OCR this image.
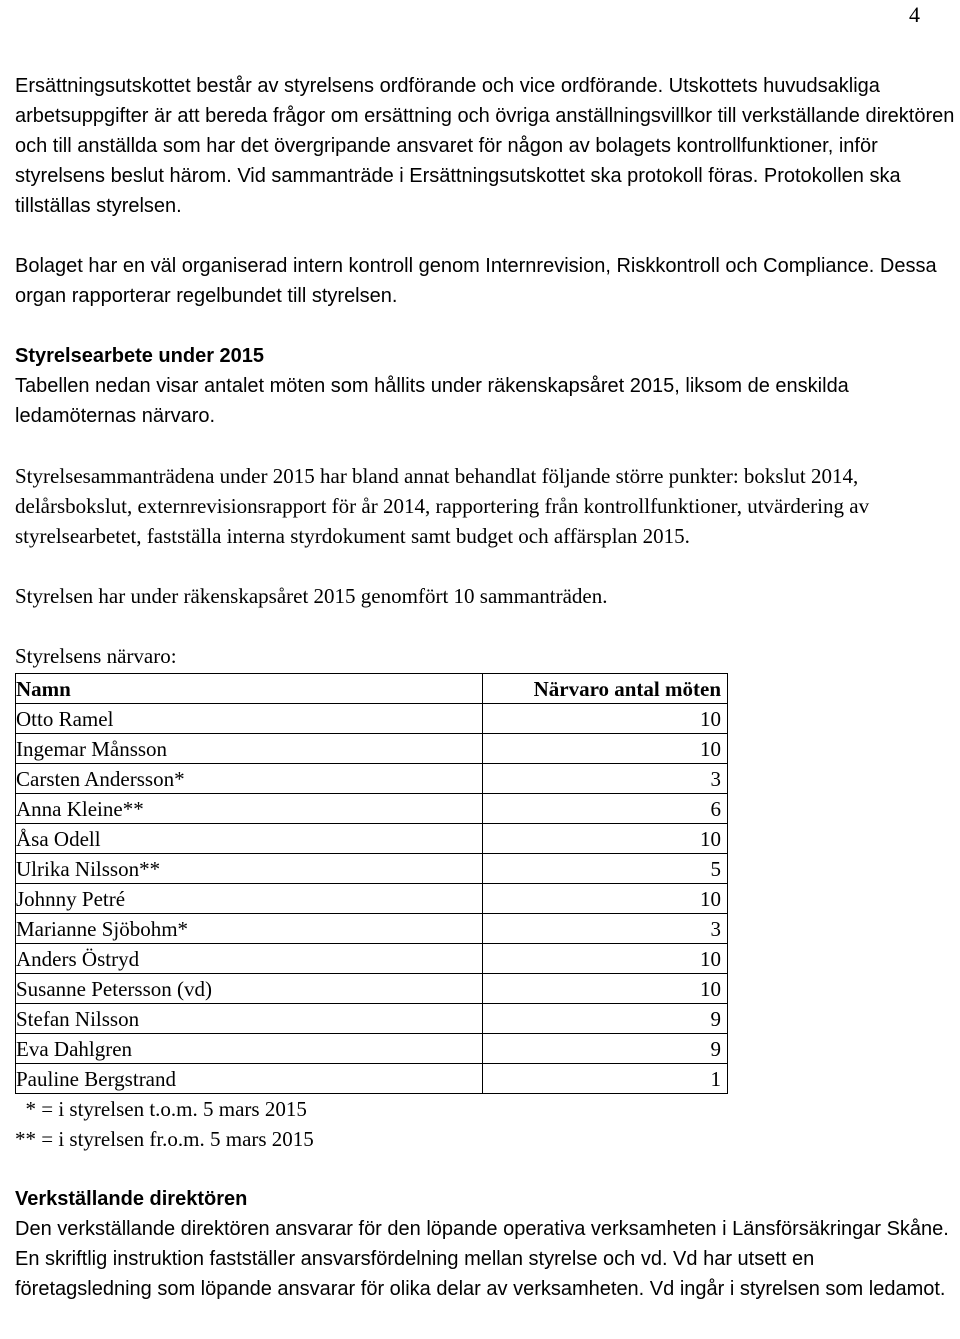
4

Ersättningsutskottet består av styrelsens ordförande och vice ordförande. Utskottets huvudsakliga arbetsuppgifter är att bereda frågor om ersättning och övriga anställningsvillkor till verkställande direktören och till anställda som har det övergripande ansvaret för någon av bolagets kontrollfunktioner, inför styrelsens beslut härom. Vid sammanträde i Ersättningsutskottet ska protokoll föras. Protokollen ska tillställas styrelsen.

Bolaget har en väl organiserad intern kontroll genom Internrevision, Riskkontroll och Compliance. Dessa organ rapporterar regelbundet till styrelsen.

Styrelsearbete under 2015

Tabellen nedan visar antalet möten som hållits under räkenskapsåret 2015, liksom de enskilda ledamöternas närvaro.

Styrelsesammanträdena under 2015 har bland annat behandlat följande större punkter: bokslut 2014, delårsbokslut, externrevisionsrapport för år 2014, rapportering från kontrollfunktioner, utvärdering av styrelsearbetet, fastställa interna styrdokument samt budget och affärsplan 2015.

Styrelsen har under räkenskapsåret 2015 genomfört 10 sammanträden.

Styrelsens närvaro:

Namn	Närvaro antal möten
Otto Ramel	10
Ingemar Månsson	10
Carsten Andersson*	3
Anna Kleine**	6
Åsa Odell	10
Ulrika Nilsson**	5
Johnny Petré	10
Marianne Sjöbohm*	3
Anders Östryd	10
Susanne Petersson (vd)	10
Stefan Nilsson	9
Eva Dahlgren	9
Pauline Bergstrand	1

* = i styrelsen t.o.m. 5 mars 2015

** = i styrelsen fr.o.m. 5 mars 2015

Verkställande direktören

Den verkställande direktören ansvarar för den löpande operativa verksamheten i Länsförsäkringar Skåne. En skriftlig instruktion fastställer ansvarsfördelning mellan styrelse och vd. Vd har utsett en företagsledning som löpande ansvarar för olika delar av verksamheten. Vd ingår i styrelsen som ledamot.
